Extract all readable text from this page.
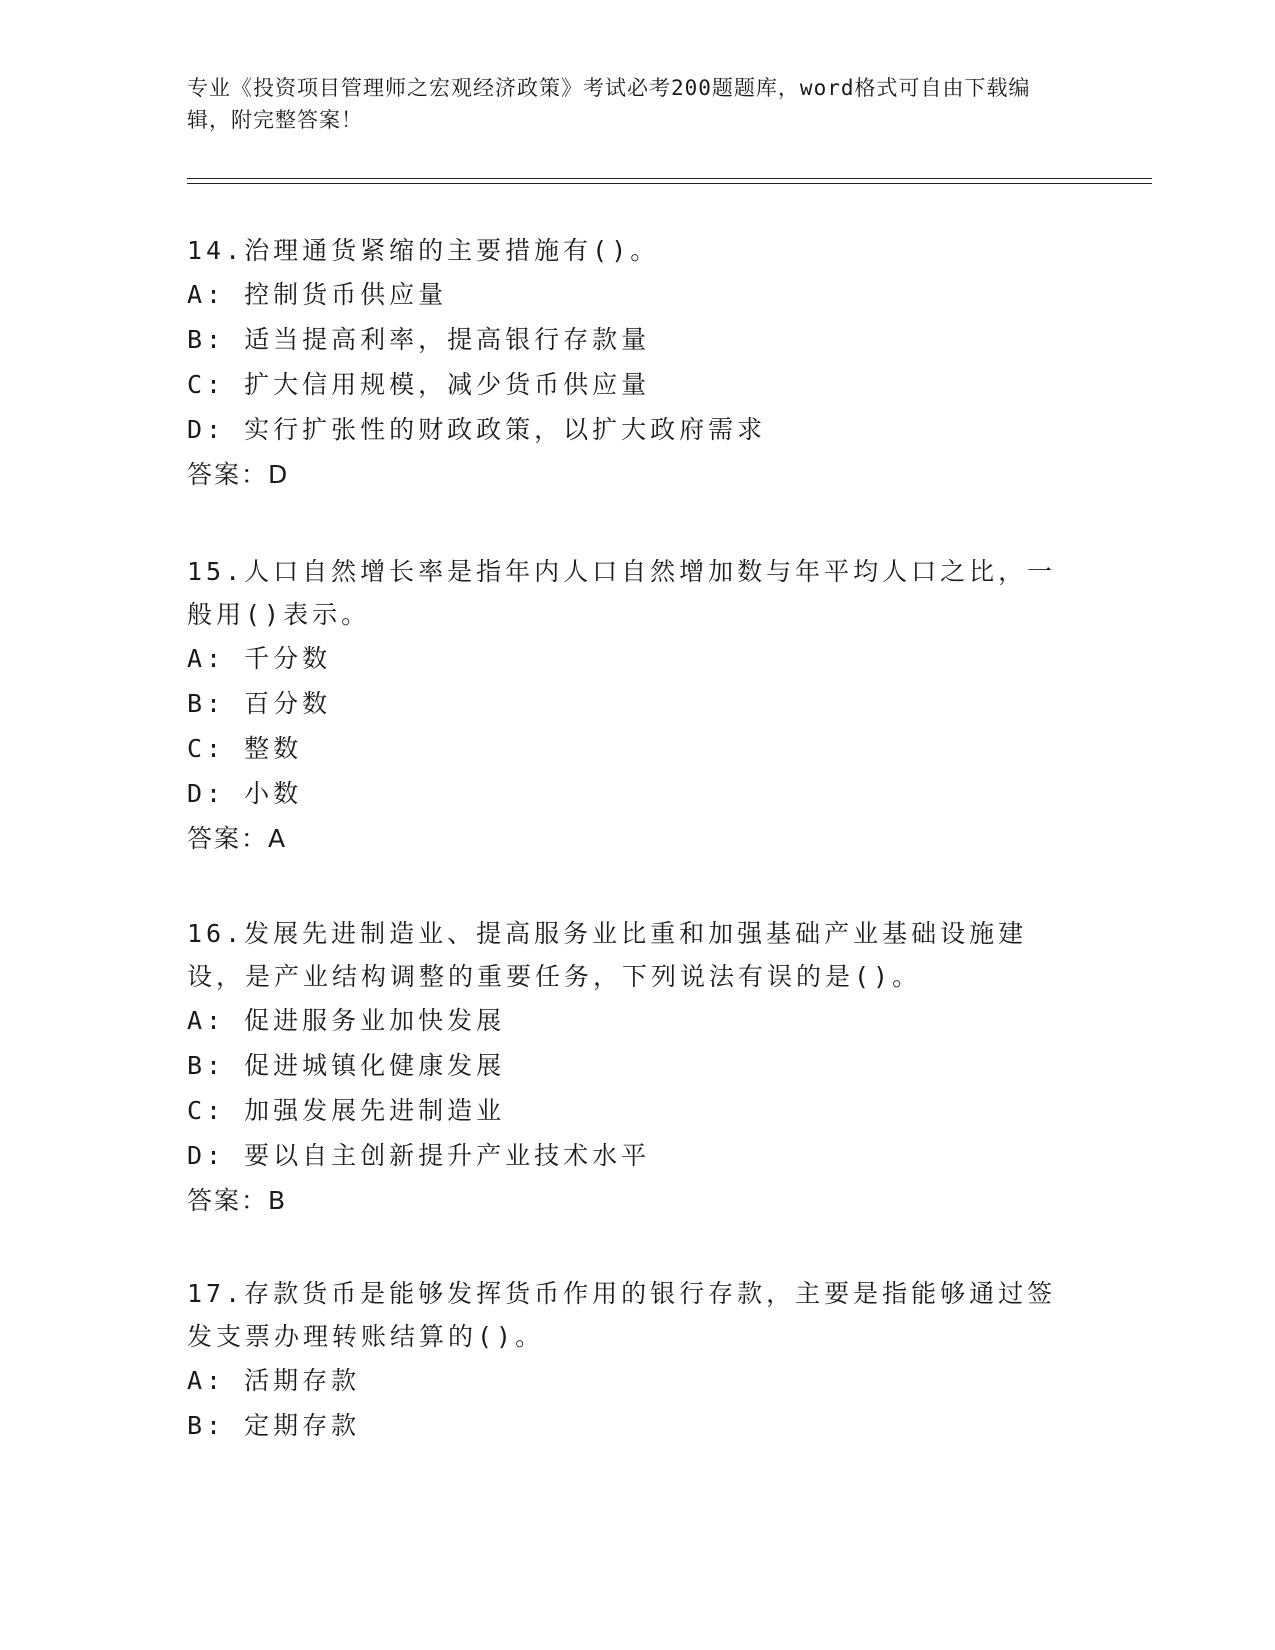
专业《投资项目管理师之宏观经济政策》考试必考200题题库，word格式可自由下载编辑，附完整答案！

14.治理通货紧缩的主要措施有()。

A: 控制货币供应量

B: 适当提高利率，提高银行存款量

C: 扩大信用规模，减少货币供应量

D: 实行扩张性的财政政策，以扩大政府需求

答案：D

15.人口自然增长率是指年内人口自然增加数与年平均人口之比，一般用()表示。

A: 千分数

B: 百分数

C: 整数

D: 小数

答案：A

16.发展先进制造业、提高服务业比重和加强基础产业基础设施建设，是产业结构调整的重要任务，下列说法有误的是()。

A: 促进服务业加快发展

B: 促进城镇化健康发展

C: 加强发展先进制造业

D: 要以自主创新提升产业技术水平

答案：B

17.存款货币是能够发挥货币作用的银行存款，主要是指能够通过签发支票办理转账结算的()。

A: 活期存款

B: 定期存款
